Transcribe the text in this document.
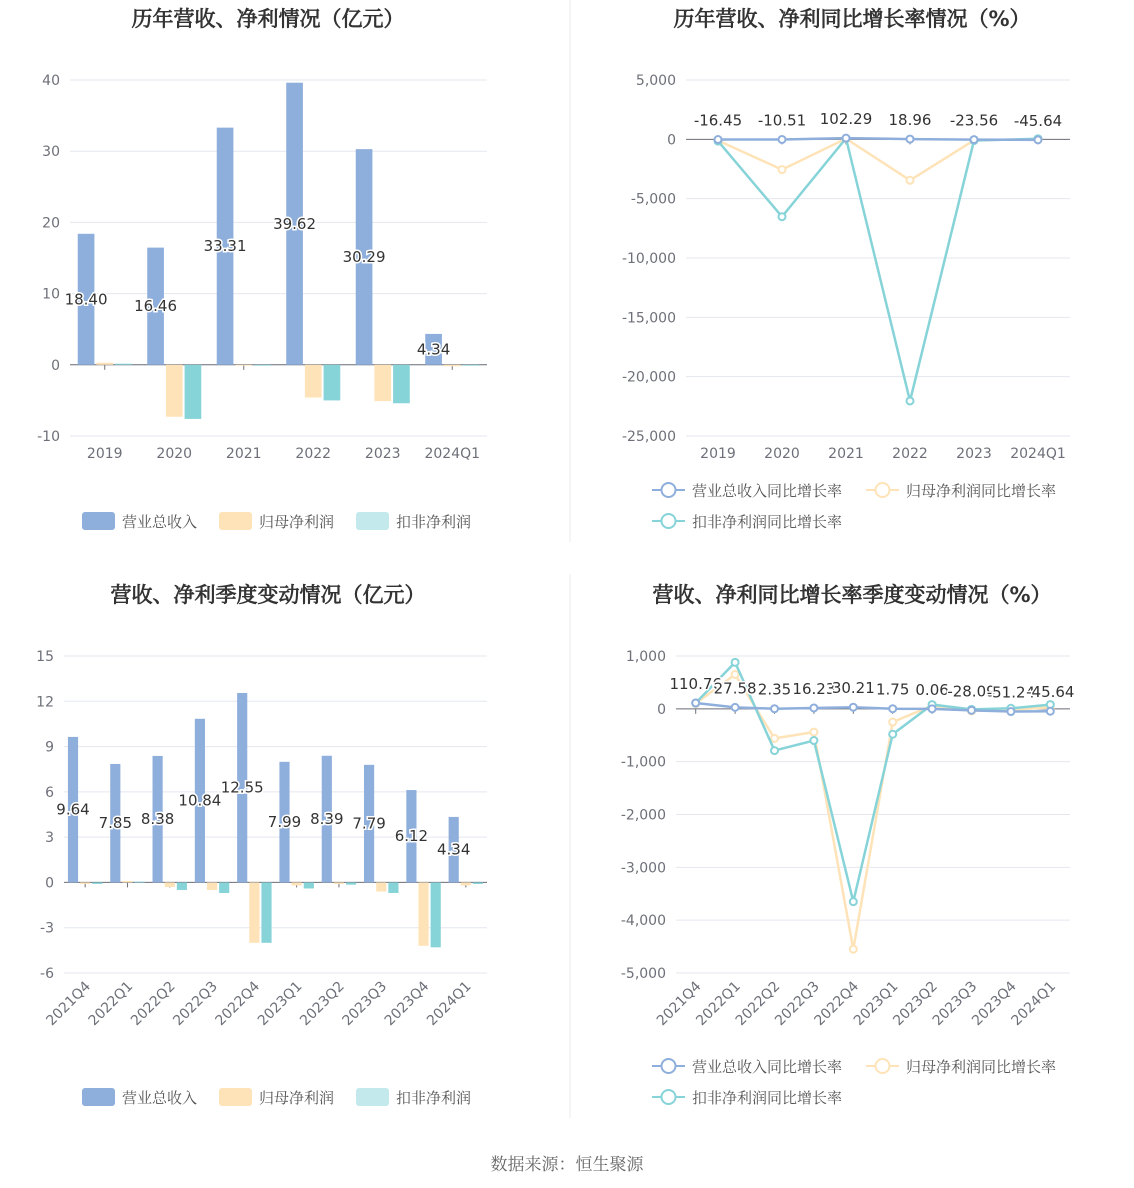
历年营收、净利情况（亿元）
-10
0
10
20
30
40
2019 2020 2021 2022 2023 2024Q1
18.40 16.46
33.31
39.62
30.29
4.34
营业总收入	归母净利润	扣非净利润
历年营收、净利同比增长率情况（%）
-25,000
-20,000
-15,000
-10,000
-5,000
0
5,000
2019 2020 2021 2022 2023 2024Q1
-16.45 -10.51 102.29 18.96 -23.56 -45.64
营业总收入同比增长率	归母净利润同比增长率
扣非净利润同比增长率
营收、净利季度变动情况（亿元）
-6
-3
0
3
6
9
12
15
2021Q4
2022Q1
2022Q2
2022Q3
2022Q4
2023Q1
2023Q2
2023Q3
2023Q4
2024Q1
9.64
7.85 8.38
10.84
12.55
7.99 8.39 7.79
6.12
4.34
营业总收入	归母净利润	扣非净利润
营收、净利同比增长率季度变动情况（%）
-5,000
-4,000
-3,000
-2,000
-1,000
0
1,000
2021Q4
2022Q1
2022Q2
2022Q3
2022Q4
2023Q1
2023Q2
2023Q3
2023Q4
2024Q1
110.76
27.58 2.35 16.23
30.21 1.75 0.06
-28.09
-51.24
-45.64
营业总收入同比增长率	归母净利润同比增长率
扣非净利润同比增长率
数据来源：恒生聚源
